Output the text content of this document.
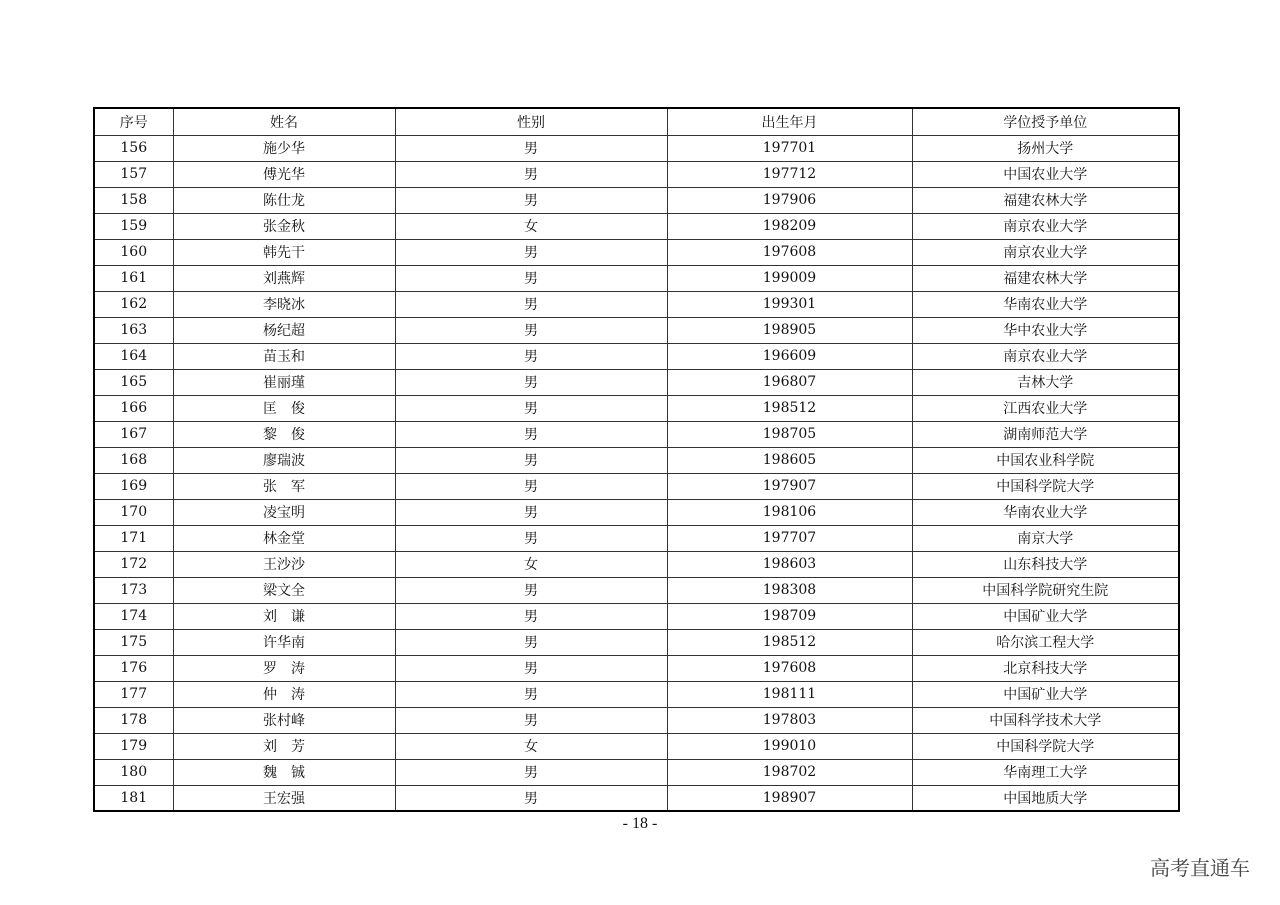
序号	姓名	性别	出生年月	学位授予单位
156	施少华	男	197701	扬州大学
157	傅光华	男	197712	中国农业大学
158	陈仕龙	男	197906	福建农林大学
159	张金秋	女	198209	南京农业大学
160	韩先干	男	197608	南京农业大学
161	刘燕辉	男	199009	福建农林大学
162	李晓冰	男	199301	华南农业大学
163	杨纪超	男	198905	华中农业大学
164	苗玉和	男	196609	南京农业大学
165	崔丽瑾	男	196807	吉林大学
166	匡　俊	男	198512	江西农业大学
167	黎　俊	男	198705	湖南师范大学
168	廖瑞波	男	198605	中国农业科学院
169	张　军	男	197907	中国科学院大学
170	凌宝明	男	198106	华南农业大学
171	林金堂	男	197707	南京大学
172	王沙沙	女	198603	山东科技大学
173	梁文全	男	198308	中国科学院研究生院
174	刘　谦	男	198709	中国矿业大学
175	许华南	男	198512	哈尔滨工程大学
176	罗　涛	男	197608	北京科技大学
177	仲　涛	男	198111	中国矿业大学
178	张村峰	男	197803	中国科学技术大学
179	刘　芳	女	199010	中国科学院大学
180	魏　铖	男	198702	华南理工大学
181	王宏强	男	198907	中国地质大学
- 18 -
高考直通车
